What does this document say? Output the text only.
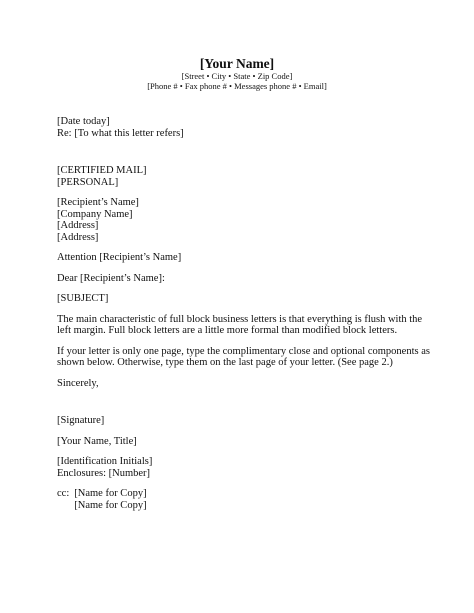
[Your Name]
[Street • City • State • Zip Code]
[Phone # • Fax phone # • Messages phone # • Email]
[Date today]
Re: [To what this letter refers]
[CERTIFIED MAIL]
[PERSONAL]
[Recipient’s Name]
[Company Name]
[Address]
[Address]
Attention [Recipient’s Name]
Dear [Recipient’s Name]:
[SUBJECT]
The main characteristic of full block business letters is that everything is flush with the left margin. Full block letters are a little more formal than modified block letters.
If your letter is only one page, type the complimentary close and optional components as shown below. Otherwise, type them on the last page of your letter. (See page 2.)
Sincerely,
[Signature]
[Your Name, Title]
[Identification Initials]
Enclosures: [Number]
cc: [Name for Copy]
[Name for Copy]
